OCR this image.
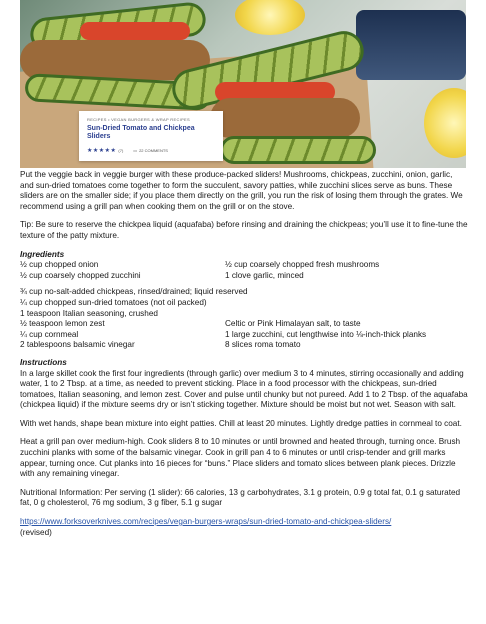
RECIPES • VEGAN BURGERS & WRAP RECIPES
Sun-Dried Tomato and Chickpea Sliders
★★★★★ (7)	▭ 22 COMMENTS

Put the veggie back in veggie burger with these produce-packed sliders! Mushrooms, chickpeas, zucchini, onion, garlic, and sun-dried tomatoes come together to form the succulent, savory patties, while zucchini slices serve as buns. These sliders are on the smaller side; if you place them directly on the grill, you run the risk of losing them through the grates. We recommend using a grill pan when cooking them on the grill or on the stove.

Tip: Be sure to reserve the chickpea liquid (aquafaba) before rinsing and draining the chickpeas; you’ll use it to fine-tune the texture of the patty mixture.

Ingredients
½ cup chopped onion	½ cup coarsely chopped fresh mushrooms
½ cup coarsely chopped zucchini	1 clove garlic, minced
¾ cup no-salt-added chickpeas, rinsed/drained; liquid reserved
¼ cup chopped sun-dried tomatoes (not oil packed)
1 teaspoon Italian seasoning, crushed
½ teaspoon lemon zest	Celtic or Pink Himalayan salt, to taste
¼ cup cornmeal	1 large zucchini, cut lengthwise into ⅛-inch-thick planks
2 tablespoons balsamic vinegar	8 slices roma tomato
Instructions

In a large skillet cook the first four ingredients (through garlic) over medium 3 to 4 minutes, stirring occasionally and adding water, 1 to 2 Tbsp. at a time, as needed to prevent sticking. Place in a food processor with the chickpeas, sun-dried tomatoes, Italian seasoning, and lemon zest. Cover and pulse until chunky but not pureed. Add 1 to 2 Tbsp. of the aquafaba (chickpea liquid) if the mixture seems dry or isn’t sticking together. Mixture should be moist but not wet. Season with salt.

With wet hands, shape bean mixture into eight patties. Chill at least 20 minutes. Lightly dredge patties in cornmeal to coat.

Heat a grill pan over medium-high. Cook sliders 8 to 10 minutes or until browned and heated through, turning once. Brush zucchini planks with some of the balsamic vinegar. Cook in grill pan 4 to 6 minutes or until crisp-tender and grill marks appear, turning once. Cut planks into 16 pieces for “buns.” Place sliders and tomato slices between plank pieces. Drizzle with any remaining vinegar.

Nutritional Information: Per serving (1 slider): 66 calories, 13 g carbohydrates, 3.1 g protein, 0.9 g total fat, 0.1 g saturated fat, 0 g cholesterol, 76 mg sodium, 3 g fiber, 5.1 g sugar

https://www.forksoverknives.com/recipes/vegan-burgers-wraps/sun-dried-tomato-and-chickpea-sliders/
(revised)
